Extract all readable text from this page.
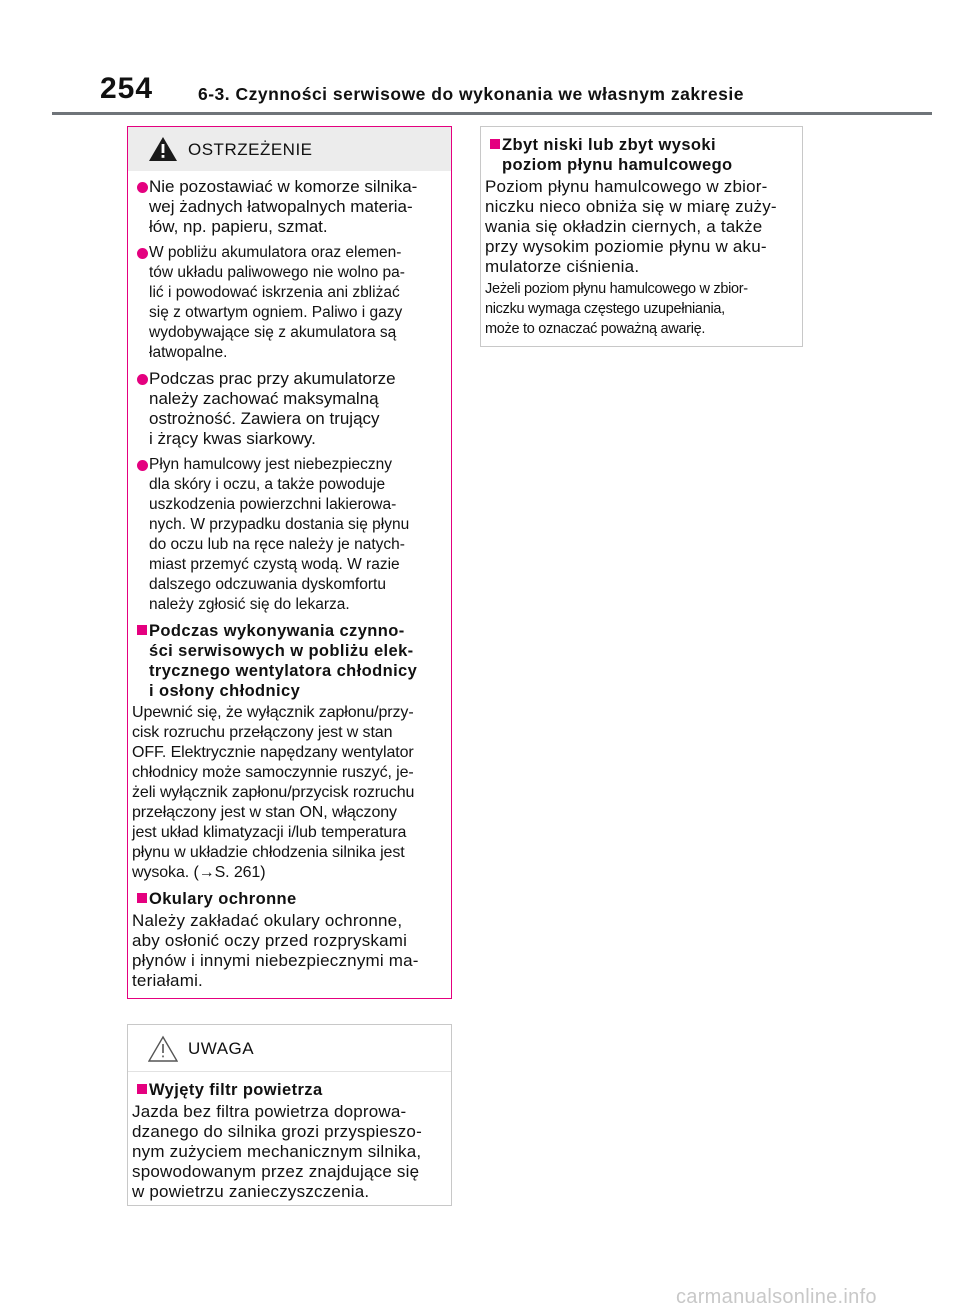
254	6-3. Czynności serwisowe do wykonania we własnym zakresie
OSTRZEŻENIE
Nie pozostawiać w komorze silnika-
wej żadnych łatwopalnych materia-
łów, np. papieru, szmat.
W pobliżu akumulatora oraz elemen-
tów układu paliwowego nie wolno pa-
lić i powodować iskrzenia ani zbliżać
się z otwartym ogniem. Paliwo i gazy
wydobywające się z akumulatora są
łatwopalne.
Podczas prac przy akumulatorze
należy zachować maksymalną
ostrożność. Zawiera on trujący
i żrący kwas siarkowy.
Płyn hamulcowy jest niebezpieczny
dla skóry i oczu, a także powoduje
uszkodzenia powierzchni lakierowa-
nych. W przypadku dostania się płynu
do oczu lub na ręce należy je natych-
miast przemyć czystą wodą. W razie
dalszego odczuwania dyskomfortu
należy zgłosić się do lekarza.
Podczas wykonywania czynno-
ści serwisowych w pobliżu elek-
trycznego wentylatora chłodnicy
i osłony chłodnicy
Upewnić się, że wyłącznik zapłonu/przy-
cisk rozruchu przełączony jest w stan
OFF. Elektrycznie napędzany wentylator
chłodnicy może samoczynnie ruszyć, je-
żeli wyłącznik zapłonu/przycisk rozruchu
przełączony jest w stan ON, włączony
jest układ klimatyzacji i/lub temperatura
płynu w układzie chłodzenia silnika jest
wysoka. (→S. 261)
Okulary ochronne
Należy zakładać okulary ochronne,
aby osłonić oczy przed rozpryskami
płynów i innymi niebezpiecznymi ma-
teriałami.
UWAGA
Wyjęty filtr powietrza
Jazda bez filtra powietrza doprowa-
dzanego do silnika grozi przyspieszo-
nym zużyciem mechanicznym silnika,
spowodowanym przez znajdujące się
w powietrzu zanieczyszczenia.
Zbyt niski lub zbyt wysoki
poziom płynu hamulcowego
Poziom płynu hamulcowego w zbior-
niczku nieco obniża się w miarę zuży-
wania się okładzin ciernych, a także
przy wysokim poziomie płynu w aku-
mulatorze ciśnienia.
Jeżeli poziom płynu hamulcowego w zbior-
niczku wymaga częstego uzupełniania,
może to oznaczać poważną awarię.
carmanualsonline.info
